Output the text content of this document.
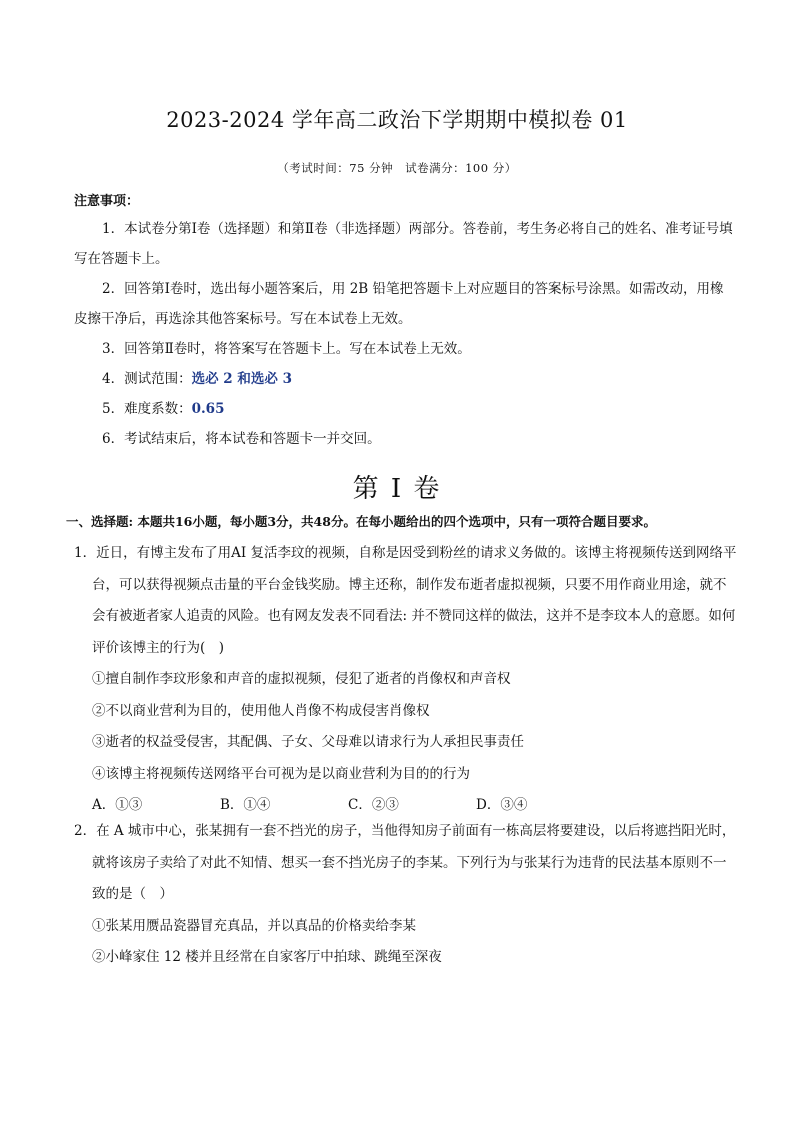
2023-2024 学年高二政治下学期期中模拟卷 01
（考试时间：75 分钟　试卷满分：100 分）
注意事项：

1．本试卷分第Ⅰ卷（选择题）和第Ⅱ卷（非选择题）两部分。答卷前，考生务必将自己的姓名、准考证号填写在答题卡上。

2．回答第Ⅰ卷时，选出每小题答案后，用 2B 铅笔把答题卡上对应题目的答案标号涂黑。如需改动，用橡皮擦干净后，再选涂其他答案标号。写在本试卷上无效。

3．回答第Ⅱ卷时，将答案写在答题卡上。写在本试卷上无效。

4．测试范围：选必 2 和选必 3

5．难度系数：0.65

6．考试结束后，将本试卷和答题卡一并交回。

第 I 卷
一、选择题: 本题共16小题，每小题3分，共48分。在每小题给出的四个选项中，只有一项符合题目要求。

1．近日，有博主发布了用AI 复活李玟的视频，自称是因受到粉丝的请求义务做的。该博主将视频传送到网络平台，可以获得视频点击量的平台金钱奖励。博主还称，制作发布逝者虚拟视频，只要不用作商业用途，就不会有被逝者家人追责的风险。也有网友发表不同看法: 并不赞同这样的做法，这并不是李玟本人的意愿。如何评价该博主的行为(　)

①擅自制作李玟形象和声音的虚拟视频，侵犯了逝者的肖像权和声音权

②不以商业营利为目的，使用他人肖像不构成侵害肖像权

③逝者的权益受侵害，其配偶、子女、父母难以请求行为人承担民事责任

④该博主将视频传送网络平台可视为是以商业营利为目的的行为

A．①③	B．①④	C．②③	D．③④

2．在 A 城市中心，张某拥有一套不挡光的房子，当他得知房子前面有一栋高层将要建设，以后将遮挡阳光时，就将该房子卖给了对此不知情、想买一套不挡光房子的李某。下列行为与张某行为违背的民法基本原则不一致的是（　）

①张某用赝品瓷器冒充真品，并以真品的价格卖给李某

②小峰家住 12 楼并且经常在自家客厅中拍球、跳绳至深夜
